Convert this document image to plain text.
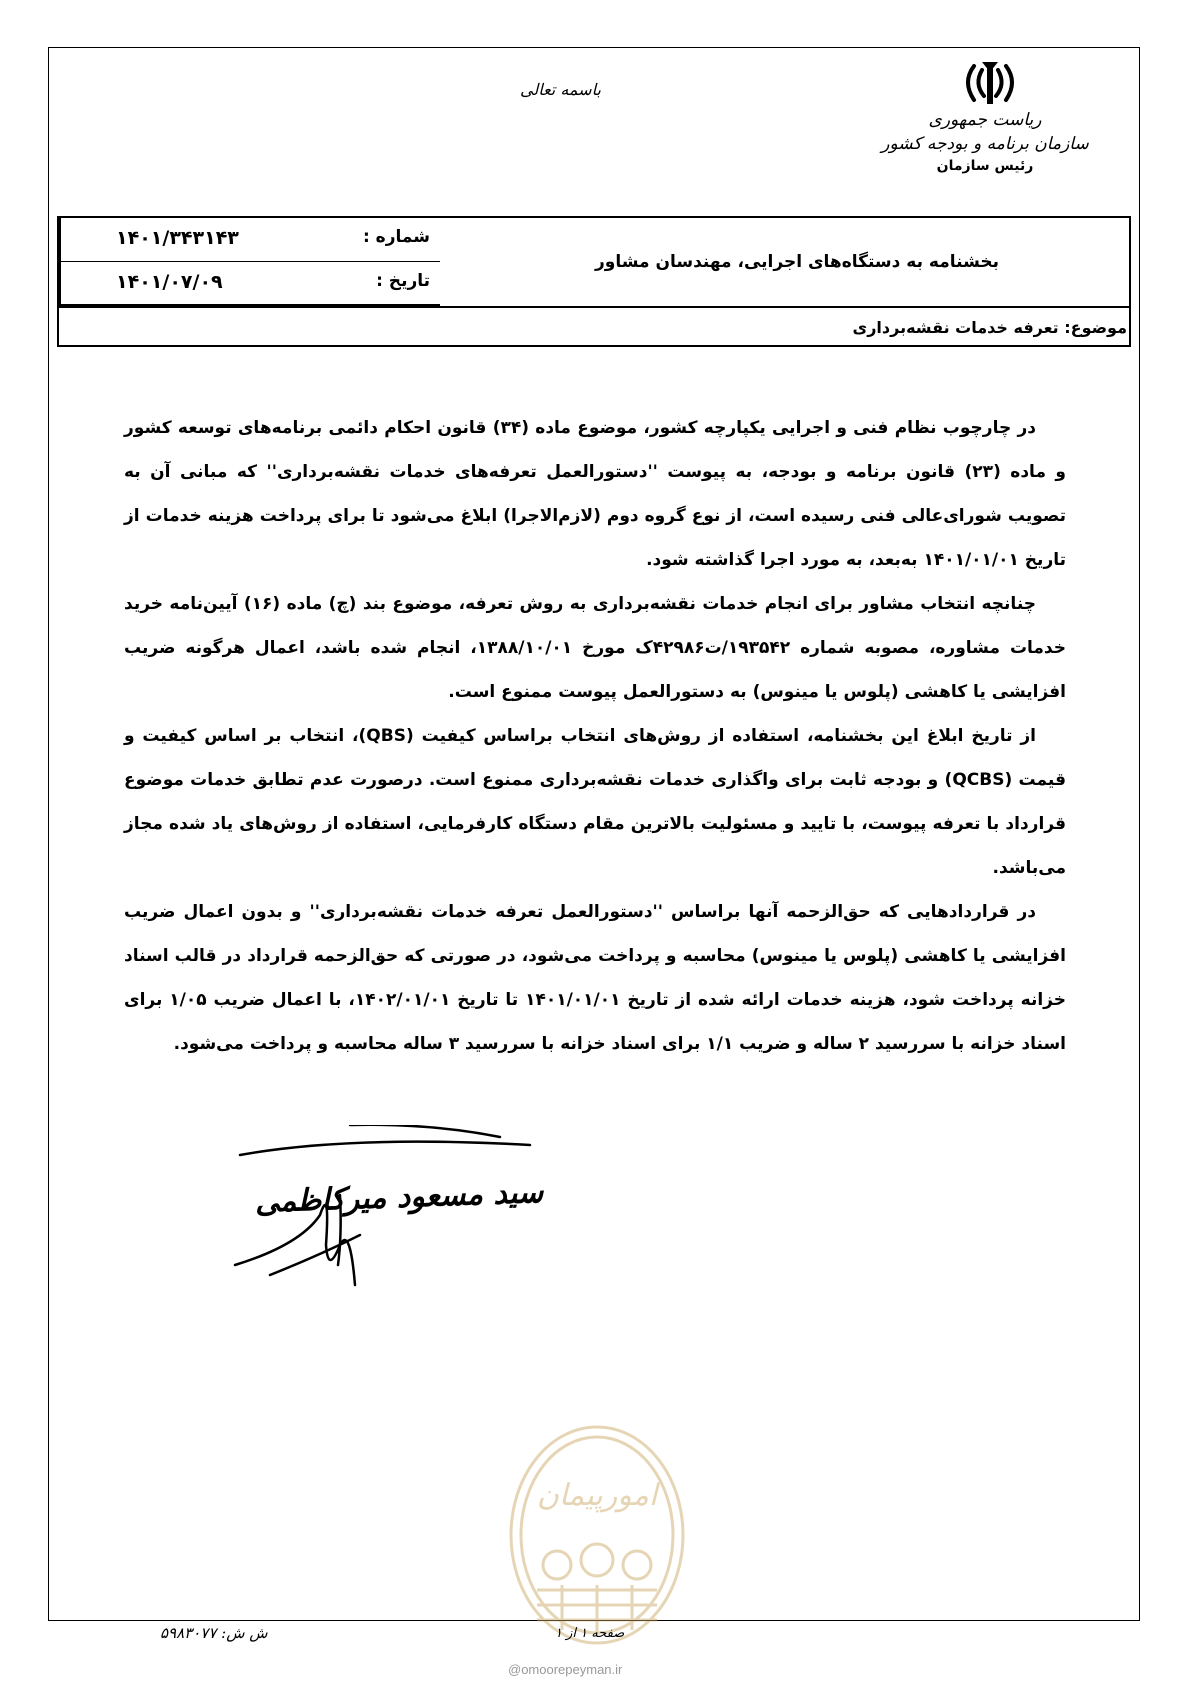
ریاست جمهوری
سازمان برنامه و بودجه کشور
رئیس سازمان
باسمه تعالی
شماره :
۱۴۰۱/۳۴۳۱۴۳
تاریخ :
۱۴۰۱/۰۷/۰۹
بخشنامه به دستگاه‌های اجرایی، مهندسان مشاور
موضوع: تعرفه خدمات نقشه‌برداری

در چارچوب نظام فنی و اجرایی یکپارچه کشور، موضوع ماده (۳۴) قانون احکام دائمی برنامه‌های توسعه کشور و ماده (۲۳) قانون برنامه و بودجه، به پیوست ''دستورالعمل تعرفه‌های خدمات نقشه‌برداری'' که مبانی آن به تصویب شورای‌عالی فنی رسیده است، از نوع گروه دوم (لازم‌الاجرا) ابلاغ می‌شود تا برای پرداخت هزینه خدمات از تاریخ ۱۴۰۱/۰۱/۰۱ به‌بعد، به مورد اجرا گذاشته شود.

چنانچه انتخاب مشاور برای انجام خدمات نقشه‌برداری به روش تعرفه، موضوع بند (چ) ماده (۱۶) آیین‌نامه خرید خدمات مشاوره، مصوبه شماره ۱۹۳۵۴۲/ت۴۲۹۸۶ک مورخ ۱۳۸۸/۱۰/۰۱، انجام شده باشد، اعمال هرگونه ضریب افزایشی یا کاهشی (پلوس یا مینوس) به دستورالعمل پیوست ممنوع است.

از تاریخ ابلاغ این بخشنامه، استفاده از روش‌های انتخاب براساس کیفیت (QBS)، انتخاب بر اساس کیفیت و قیمت (QCBS) و بودجه ثابت برای واگذاری خدمات نقشه‌برداری ممنوع است. درصورت عدم تطابق خدمات موضوع قرارداد با تعرفه پیوست، با تایید و مسئولیت بالاترین مقام دستگاه کارفرمایی، استفاده از روش‌های یاد شده مجاز می‌باشد.

در قراردادهایی که حق‌الزحمه آنها براساس ''دستورالعمل تعرفه خدمات نقشه‌برداری'' و بدون اعمال ضریب افزایشی یا کاهشی (پلوس یا مینوس) محاسبه و پرداخت می‌شود، در صورتی که حق‌الزحمه قرارداد در قالب اسناد خزانه پرداخت شود، هزینه خدمات ارائه شده از تاریخ ۱۴۰۱/۰۱/۰۱ تا تاریخ ۱۴۰۲/۰۱/۰۱، با اعمال ضریب ۱/۰۵ برای اسناد خزانه با سررسید ۲ ساله و ضریب ۱/۱ برای اسناد خزانه با سررسید ۳ ساله محاسبه و پرداخت می‌شود.

سید مسعود میرکاظمی
امورپیمان
ش ش: ۵۹۸۳۰۷۷	صفحه ۱ از ۱
@omoorepeyman.ir
